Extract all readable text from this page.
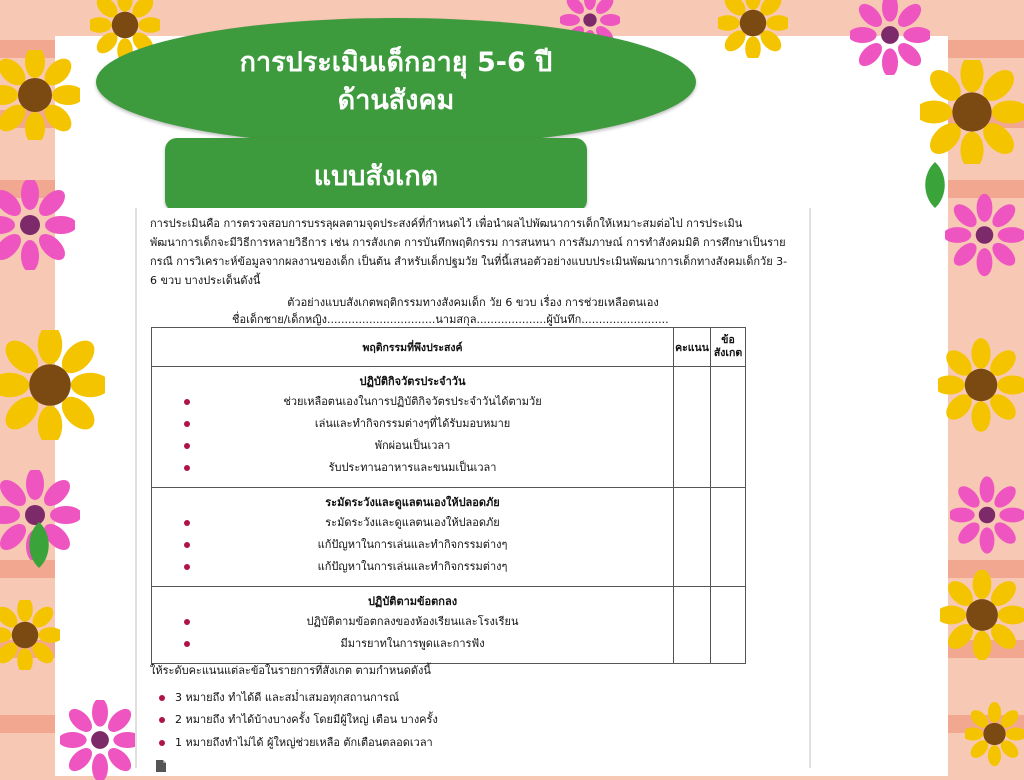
การประเมินเด็กอายุ 5-6 ปี
ด้านสังคม
แบบสังเกต
การประเมินคือ การตรวจสอบการบรรลุผลตามจุดประสงค์ที่กำหนดไว้ เพื่อนำผลไปพัฒนาการเด็กให้เหมาะสมต่อไป การประเมินพัฒนาการเด็กจะมีวิธีการหลายวิธีการ เช่น การสังเกต การบันทึกพฤติกรรม การสนทนา การสัมภาษณ์ การทำสังคมมิติ การศึกษาเป็นรายกรณี การวิเคราะห์ข้อมูลจากผลงานของเด็ก เป็นต้น สำหรับเด็กปฐมวัย ในที่นี้เสนอตัวอย่างแบบประเมินพัฒนาการเด็กทางสังคมเด็กวัย 3-6 ขวบ บางประเด็นดังนี้
ตัวอย่างแบบสังเกตพฤติกรรมทางสังคมเด็ก วัย 6 ขวบ เรื่อง การช่วยเหลือตนเอง
ชื่อเด็กชาย/เด็กหญิง...............................นามสกุล....................ผู้บันทึก.........................
พฤติกรรมที่พึงประสงค์	คะแนน	ข้อ
สังเกต

ปฏิบัติกิจวัตรประจำวัน
ช่วยเหลือตนเองในการปฏิบัติกิจวัตรประจำวันได้ตามวัย
เล่นและทำกิจกรรมต่างๆที่ได้รับมอบหมาย
พักผ่อนเป็นเวลา
รับประทานอาหารและขนมเป็นเวลา		

ระมัดระวังและดูแลตนเองให้ปลอดภัย
ระมัดระวังและดูแลตนเองให้ปลอดภัย
แก้ปัญหาในการเล่นและทำกิจกรรมต่างๆ
แก้ปัญหาในการเล่นและทำกิจกรรมต่างๆ		

ปฏิบัติตามข้อตกลง
ปฏิบัติตามข้อตกลงของห้องเรียนและโรงเรียน
มีมารยาทในการพูดและการฟัง		

ให้ระดับคะแนนแต่ละข้อในรายการที่สังเกต ตามกำหนดดังนี้
3 หมายถึง ทำได้ดี และสม่ำเสมอทุกสถานการณ์
2 หมายถึง ทำได้บ้างบางครั้ง โดยมีผู้ใหญ่ เตือน บางครั้ง
1 หมายถึงทำไม่ได้ ผู้ใหญ่ช่วยเหลือ ตักเตือนตลอดเวลา
